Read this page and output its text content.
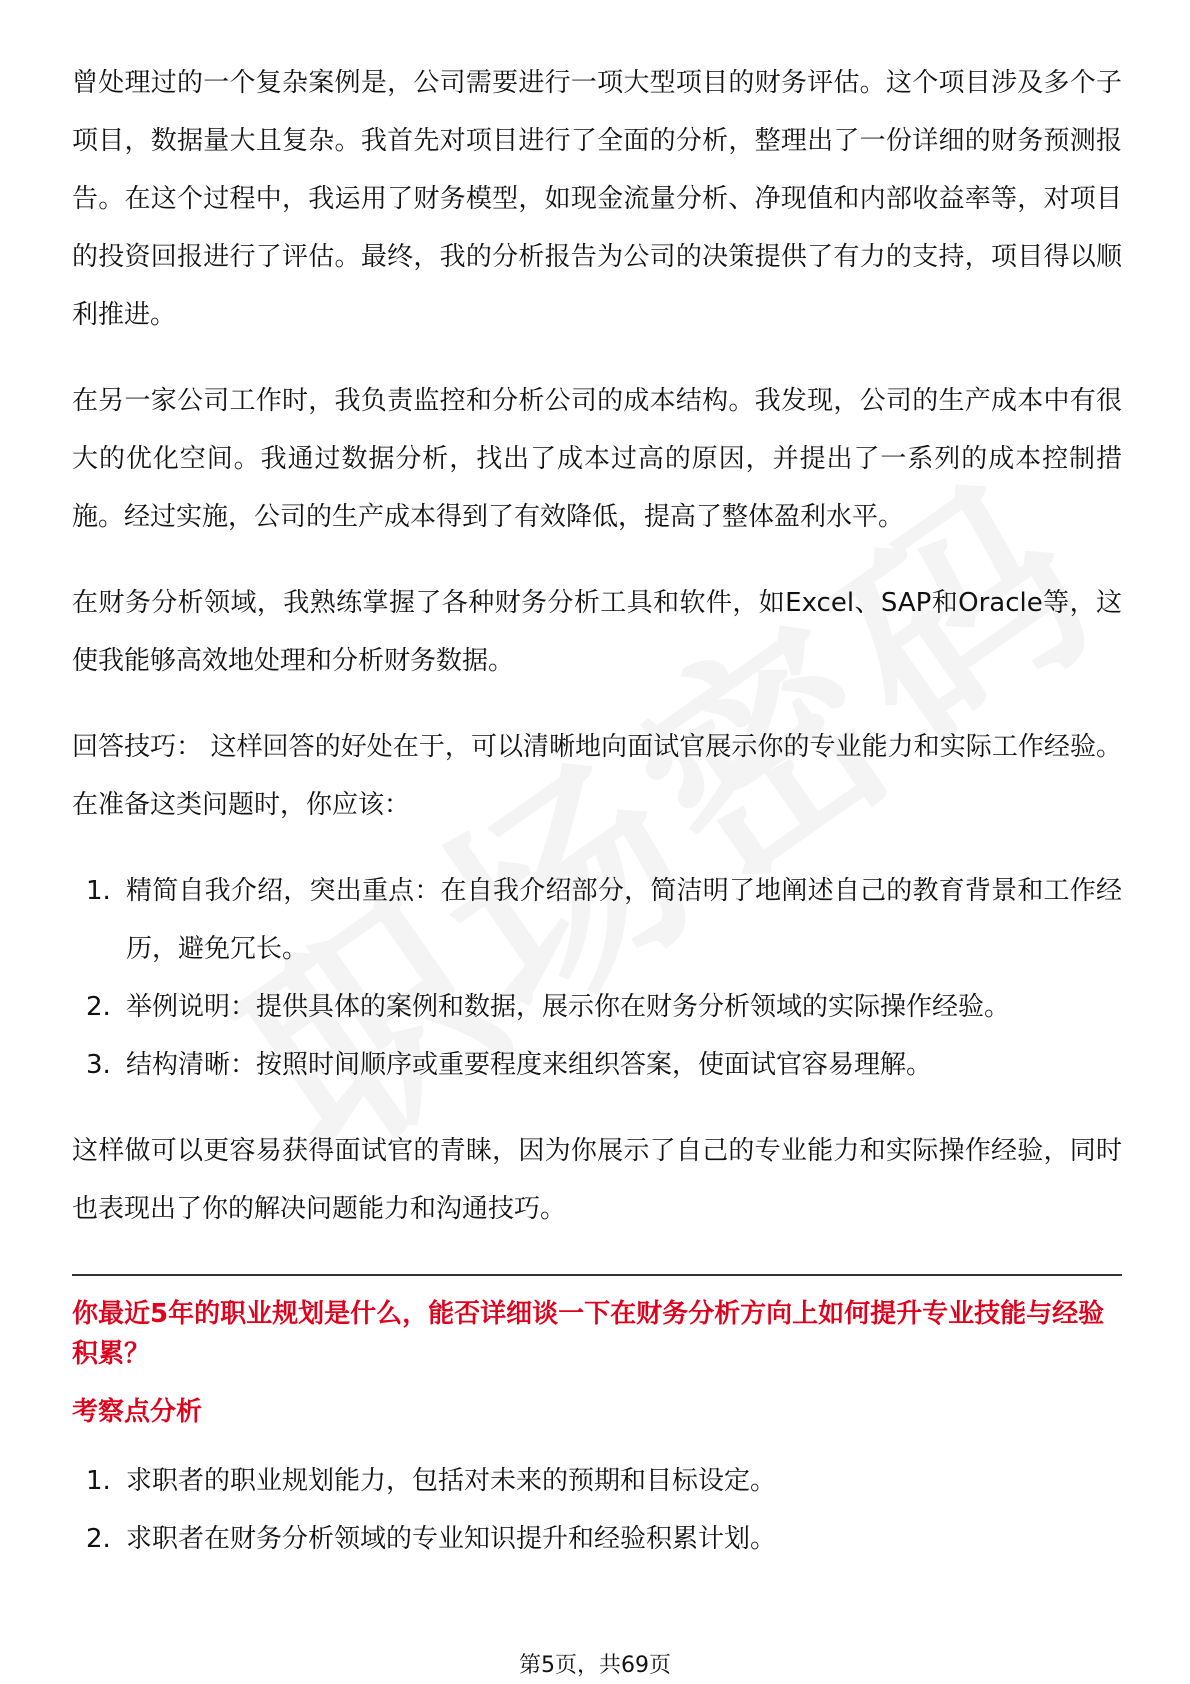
曾处理过的一个复杂案例是，公司需要进行一项大型项目的财务评估。这个项目涉及多个子项目，数据量大且复杂。我首先对项目进行了全面的分析，整理出了一份详细的财务预测报告。在这个过程中，我运用了财务模型，如现金流量分析、净现值和内部收益率等，对项目的投资回报进行了评估。最终，我的分析报告为公司的决策提供了有力的支持，项目得以顺利推进。

在另一家公司工作时，我负责监控和分析公司的成本结构。我发现，公司的生产成本中有很大的优化空间。我通过数据分析，找出了成本过高的原因，并提出了一系列的成本控制措施。经过实施，公司的生产成本得到了有效降低，提高了整体盈利水平。

在财务分析领域，我熟练掌握了各种财务分析工具和软件，如Excel、SAP和Oracle等，这使我能够高效地处理和分析财务数据。

回答技巧： 这样回答的好处在于，可以清晰地向面试官展示你的专业能力和实际工作经验。在准备这类问题时，你应该：

1. 精简自我介绍，突出重点：在自我介绍部分，简洁明了地阐述自己的教育背景和工作经历，避免冗长。
2. 举例说明：提供具体的案例和数据，展示你在财务分析领域的实际操作经验。
3. 结构清晰：按照时间顺序或重要程度来组织答案，使面试官容易理解。

这样做可以更容易获得面试官的青睐，因为你展示了自己的专业能力和实际操作经验，同时也表现出了你的解决问题能力和沟通技巧。

你最近5年的职业规划是什么，能否详细谈一下在财务分析方向上如何提升专业技能与经验积累？
考察点分析
1. 求职者的职业规划能力，包括对未来的预期和目标设定。
2. 求职者在财务分析领域的专业知识提升和经验积累计划。
第5页，共69页
